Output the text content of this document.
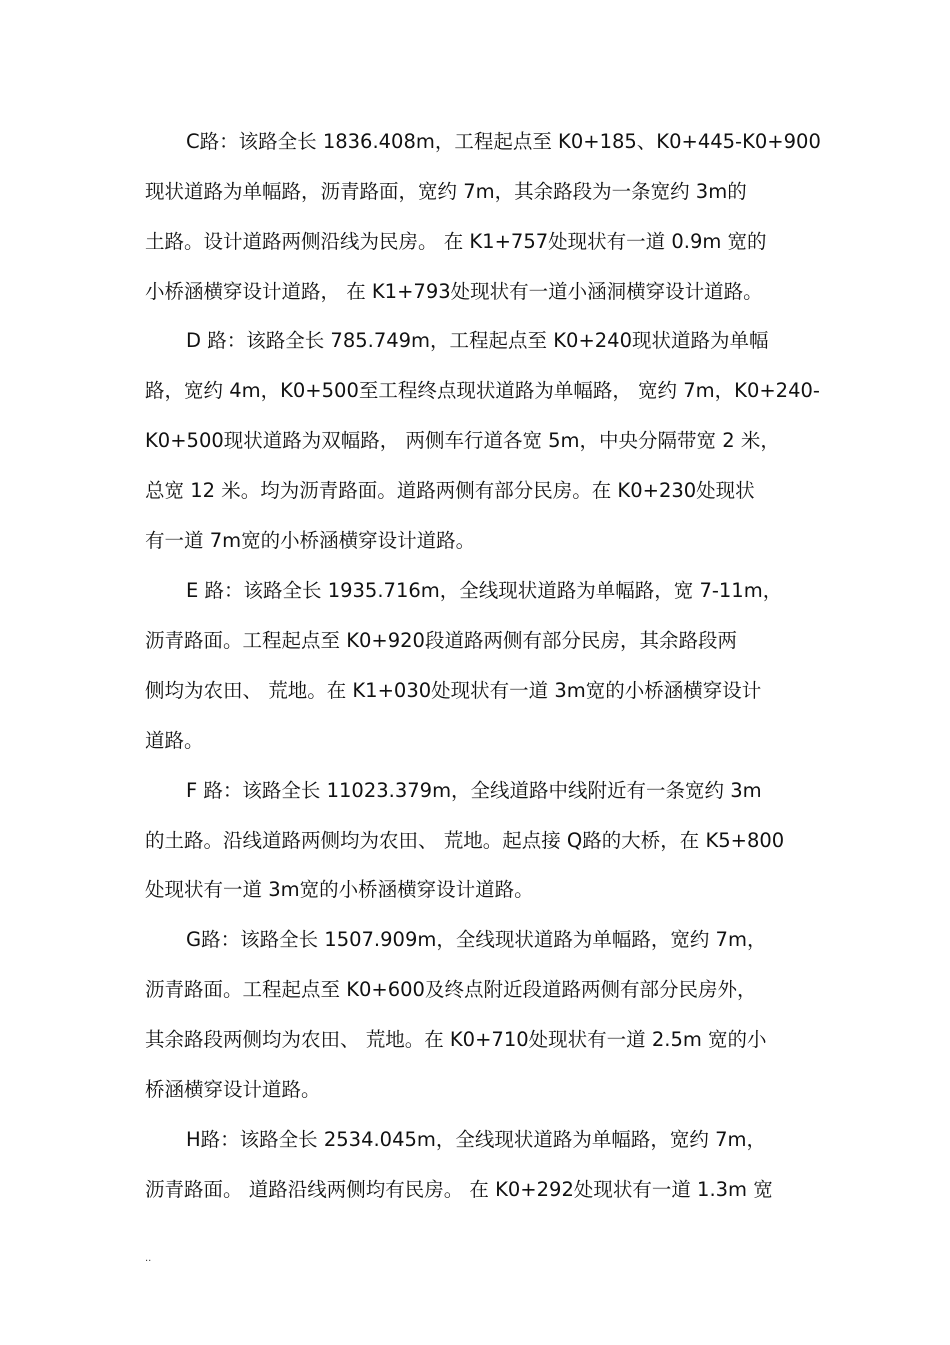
C路：该路全长 1836.408m，工程起点至 K0+185、K0+445-K0+900
现状道路为单幅路，沥青路面，宽约 7m，其余路段为一条宽约 3m的
土路。设计道路两侧沿线为民房。 在 K1+757处现状有一道 0.9m 宽的
小桥涵横穿设计道路， 在 K1+793处现状有一道小涵洞横穿设计道路。
D 路：该路全长 785.749m，工程起点至 K0+240现状道路为单幅
路，宽约 4m，K0+500至工程终点现状道路为单幅路， 宽约 7m，K0+240-
K0+500现状道路为双幅路， 两侧车行道各宽 5m，中央分隔带宽 2 米，
总宽 12 米。均为沥青路面。道路两侧有部分民房。在 K0+230处现状
有一道 7m宽的小桥涵横穿设计道路。
E 路：该路全长 1935.716m，全线现状道路为单幅路，宽 7-11m，
沥青路面。工程起点至 K0+920段道路两侧有部分民房，其余路段两
侧均为农田、 荒地。在 K1+030处现状有一道 3m宽的小桥涵横穿设计
道路。
F 路：该路全长 11023.379m，全线道路中线附近有一条宽约 3m
的土路。沿线道路两侧均为农田、 荒地。起点接 Q路的大桥，在 K5+800
处现状有一道 3m宽的小桥涵横穿设计道路。
G路：该路全长 1507.909m，全线现状道路为单幅路，宽约 7m，
沥青路面。工程起点至 K0+600及终点附近段道路两侧有部分民房外，
其余路段两侧均为农田、 荒地。在 K0+710处现状有一道 2.5m 宽的小
桥涵横穿设计道路。
H路：该路全长 2534.045m，全线现状道路为单幅路，宽约 7m，
沥青路面。 道路沿线两侧均有民房。 在 K0+292处现状有一道 1.3m 宽
..
